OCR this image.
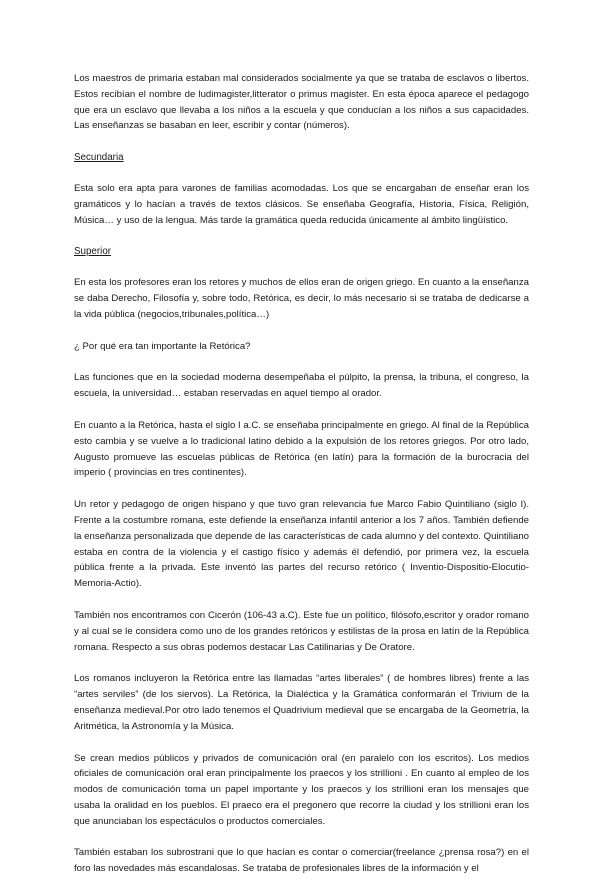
Los maestros de primaria estaban mal considerados socialmente ya que se trataba de esclavos o libertos. Estos recibían el nombre de ludimagister,litterator o primus magister. En esta época aparece el pedagogo que era un esclavo que llevaba a los niños a la escuela y que conducían a los niños a sus capacidades. Las enseñanzas se basaban en leer, escribir y contar (números).

Secundaria

Esta solo era apta para varones de familias acomodadas. Los que se encargaban de enseñar eran los gramáticos y lo hacían a través de textos clásicos. Se enseñaba Geografía, Historia, Física, Religión, Música… y uso de la lengua. Más tarde la gramática queda reducida únicamente al ámbito lingüístico.

Superior

En esta los profesores eran los retores y muchos de ellos eran de origen griego. En cuanto a la enseñanza se daba Derecho, Filosofía y, sobre todo, Retórica, es decir, lo más necesario si se trataba de dedicarse a la vida pública (negocios,tribunales,política…)

¿ Por qué era tan importante la Retórica?

Las funciones que en la sociedad moderna desempeñaba el púlpito, la prensa, la tribuna, el congreso, la escuela, la universidad… estaban reservadas en aquel tiempo al orador.

En cuanto a la Retórica, hasta el siglo I a.C. se enseñaba principalmente en griego. Al final de la República esto cambia y se vuelve a lo tradicional latino debido a la expulsión de los retores griegos. Por otro lado, Augusto promueve las escuelas públicas de Retórica (en latín) para la formación de la burocracia del imperio ( provincias en tres continentes).

Un retor y pedagogo de origen hispano y que tuvo gran relevancia fue Marco Fabio Quintiliano (siglo I). Frente a la costumbre romana, este defiende la enseñanza infantil anterior a los 7 años. También defiende la enseñanza personalizada que depende de las características de cada alumno y del contexto. Quintiliano estaba en contra de la violencia y el castigo físico y además él defendió, por primera vez, la escuela pública frente a la privada. Este inventó las partes del recurso retórico ( Inventio-Dispositio-Elocutio-Memoria-Actio).

También nos encontramos con Cicerón (106-43 a.C). Este fue un político, filósofo,escritor y orador romano y al cual se le considera como uno de los grandes retóricos y estilistas de la prosa en latín de la República romana. Respecto a sus obras podemos destacar Las Catilinarias y De Oratore.

Los romanos incluyeron la Retórica entre las llamadas “artes liberales” ( de hombres libres) frente a las “artes serviles” (de los siervos). La Retórica, la Dialéctica y la Gramática conformarán el Trivium de la enseñanza medieval.Por otro lado tenemos el Quadrivium medieval que se encargaba de la Geometría, la Aritmética, la Astronomía y la Música.

Se crean medios públicos y privados de comunicación oral (en paralelo con los escritos). Los medios oficiales de comunicación oral eran principalmente los praecos y los strillioni . En cuanto al empleo de los modos de comunicación toma un papel importante y los praecos y los strillioni eran los mensajes que usaba la oralidad en los pueblos. El praeco era el pregonero que recorre la ciudad y los strillioni eran los que anunciaban los espectáculos o productos comerciales.

También estaban los subrostrani que lo que hacían es contar o comerciar(freelance ¿prensa rosa?) en el foro las novedades más escandalosas. Se trataba de profesionales libres de la información y el
